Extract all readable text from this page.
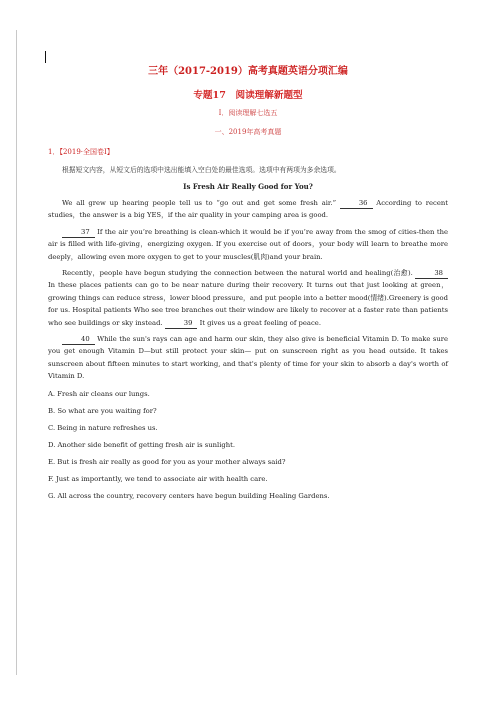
三年（2017-2019）高考真题英语分项汇编
专题17　阅读理解新题型
I．阅读理解七选五
一、2019年高考真题
1．【2019·全国卷Ⅰ】
根据短文内容，从短文后的选项中选出能填入空白处的最佳选项。选项中有两项为多余选项。
Is Fresh Air Really Good for You?
We all grew up hearing people tell us to “go out and get some fresh air.”	36 According to recent studies，the answer is a big YES，if the air quality in your camping area is good.
37 If the air you’re breathing is clean-which it would be if you’re away from the smog of cities-then the air is filled with life-giving，energizing oxygen. If you exercise out of doors，your body will learn to breathe more deeply，allowing even more oxygen to get to your muscles(肌肉)and your brain.
Recently，people have begun studying the connection between the natural world and healing(治愈).	38 In these places patients can go to be near nature during their recovery. It turns out that just looking at green，growing things can reduce stress，lower blood pressure，and put people into a better mood(情绪).Greenery is good for us. Hospital patients Who see tree branches out their window are likely to recover at a faster rate than patients who see buildings or sky instead.	39 It gives us a great feeling of peace.
40 While the sun's rays can age and harm our skin, they also give is beneficial Vitamin D. To make sure you get enough Vitamin D—but still protect your skin— put on sunscreen right as you head outside. It takes sunscreen about fifteen minutes to start working, and that's plenty of time for your skin to absorb a day's worth of Vitamin D.
A. Fresh air cleans our lungs.
B. So what are you waiting for?
C. Being in nature refreshes us.
D. Another side benefit of getting fresh air is sunlight.
E. But is fresh air really as good for you as your mother always said?
F. Just as importantly, we tend to associate air with health care.
G. All across the country, recovery centers have begun building Healing Gardens.
